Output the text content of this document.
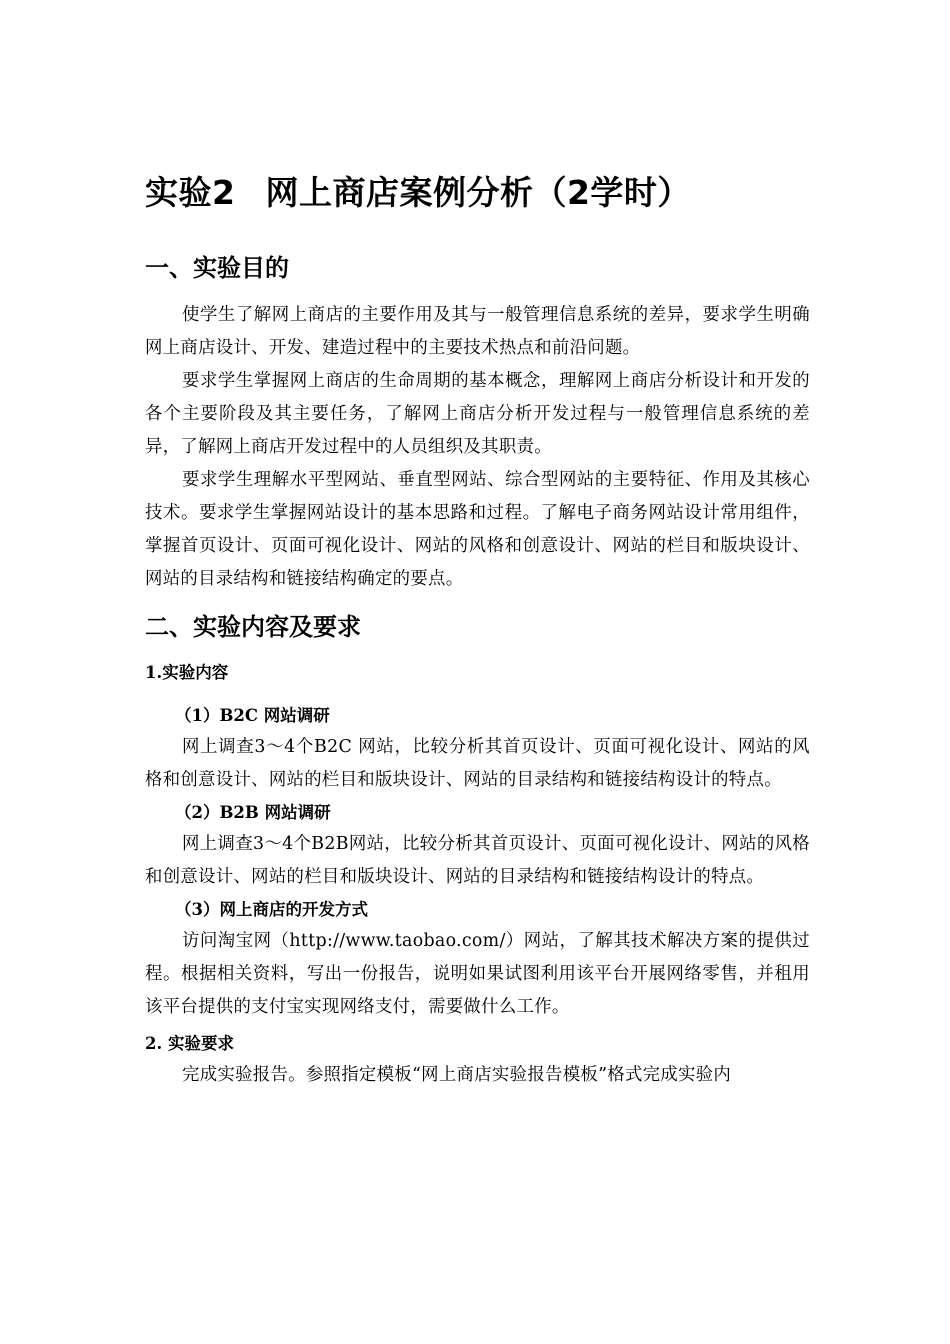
实验2 网上商店案例分析（2学时）
一、实验目的

使学生了解网上商店的主要作用及其与一般管理信息系统的差异，要求学生明确网上商店设计、开发、建造过程中的主要技术热点和前沿问题。

要求学生掌握网上商店的生命周期的基本概念，理解网上商店分析设计和开发的各个主要阶段及其主要任务，了解网上商店分析开发过程与一般管理信息系统的差异，了解网上商店开发过程中的人员组织及其职责。

要求学生理解水平型网站、垂直型网站、综合型网站的主要特征、作用及其核心技术。要求学生掌握网站设计的基本思路和过程。了解电子商务网站设计常用组件，掌握首页设计、页面可视化设计、网站的风格和创意设计、网站的栏目和版块设计、网站的目录结构和链接结构确定的要点。

二、实验内容及要求
1.实验内容
（1）B2C 网站调研

网上调查3～4个B2C 网站，比较分析其首页设计、页面可视化设计、网站的风格和创意设计、网站的栏目和版块设计、网站的目录结构和链接结构设计的特点。

（2）B2B 网站调研

网上调查3～4个B2B网站，比较分析其首页设计、页面可视化设计、网站的风格和创意设计、网站的栏目和版块设计、网站的目录结构和链接结构设计的特点。

（3）网上商店的开发方式

访问淘宝网（http://www.taobao.com/）网站，了解其技术解决方案的提供过程。根据相关资料，写出一份报告，说明如果试图利用该平台开展网络零售，并租用该平台提供的支付宝实现网络支付，需要做什么工作。

2. 实验要求

完成实验报告。参照指定模板“网上商店实验报告模板”格式完成实验内
